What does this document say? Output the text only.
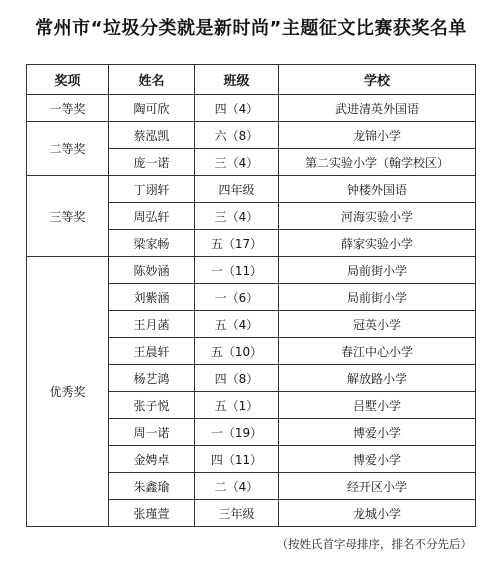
常州市“垃圾分类就是新时尚”主题征文比赛获奖名单
奖项	姓名	班级	学校
一等奖	陶可欣	四（4）	武进清英外国语
二等奖	蔡泓凯	六（8）	龙锦小学
	庞一诺	三（4）	第二实验小学（翰学校区）
三等奖	丁诩轩	四年级	钟楼外国语
	周弘轩	三（4）	河海实验小学
	梁家畅	五（17）	薛家实验小学
优秀奖	陈妙涵	一（11）	局前街小学
	刘紫涵	一（6）	局前街小学
	王月菡	五（4）	冠英小学
	王晨轩	五（10）	春江中心小学
	杨艺鸿	四（8）	解放路小学
	张子悦	五（1）	吕墅小学
	周一诺	一（19）	博爱小学
	金娉卓	四（11）	博爱小学
	朱鑫瑜	二（4）	经开区小学
	张瑾萱	三年级	龙城小学
（按姓氏首字母排序，排名不分先后）
